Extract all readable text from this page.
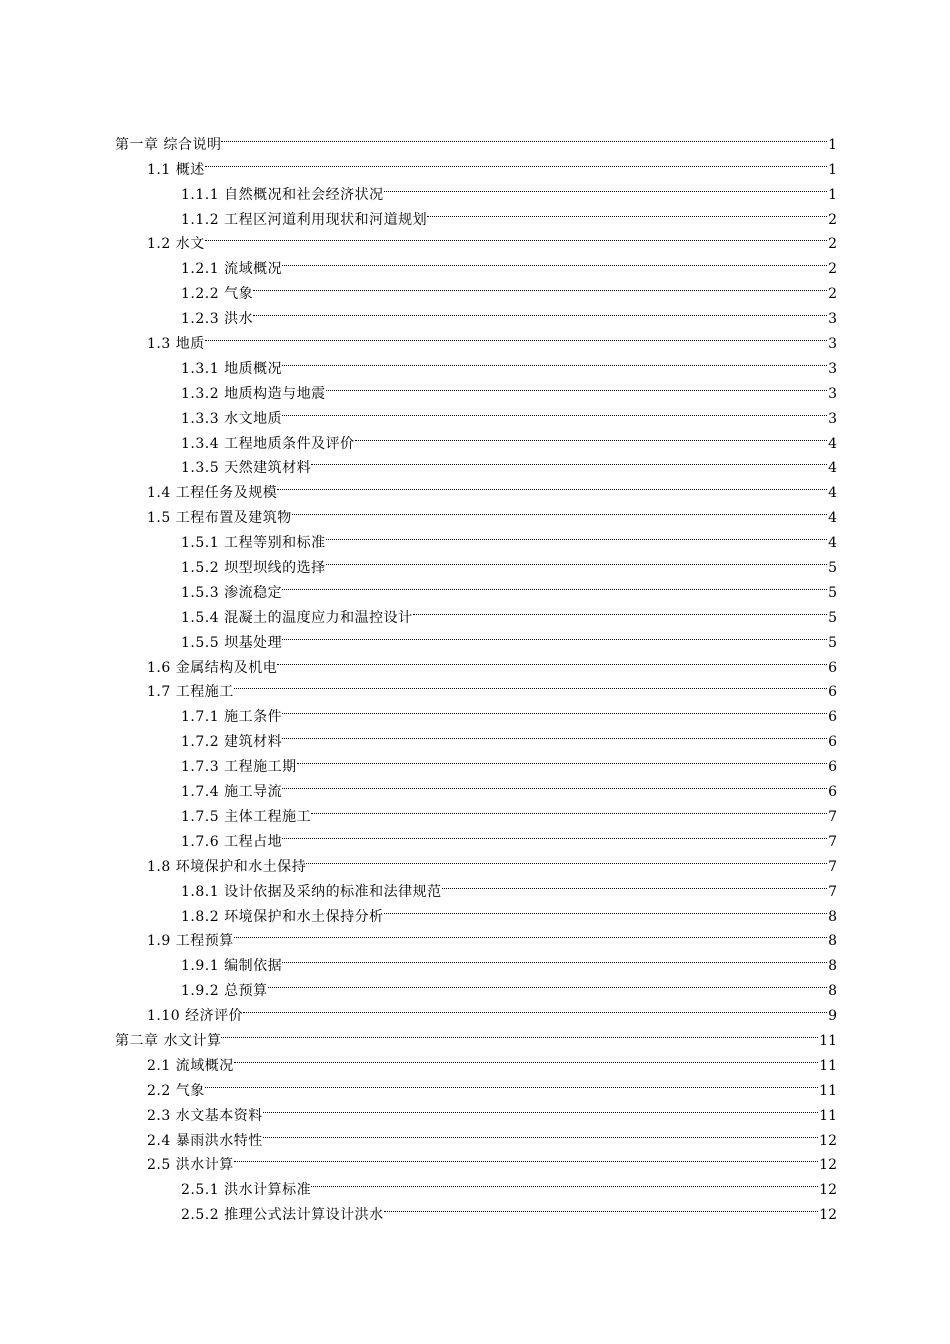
第一章 综合说明	1
1.1 概述	1
1.1.1 自然概况和社会经济状况	1
1.1.2 工程区河道利用现状和河道规划	2
1.2 水文	2
1.2.1 流域概况	2
1.2.2 气象	2
1.2.3 洪水	3
1.3 地质	3
1.3.1 地质概况	3
1.3.2 地质构造与地震	3
1.3.3 水文地质	3
1.3.4 工程地质条件及评价	4
1.3.5 天然建筑材料	4
1.4 工程任务及规模	4
1.5 工程布置及建筑物	4
1.5.1 工程等别和标准	4
1.5.2 坝型坝线的选择	5
1.5.3 渗流稳定	5
1.5.4 混凝土的温度应力和温控设计	5
1.5.5 坝基处理	5
1.6 金属结构及机电	6
1.7 工程施工	6
1.7.1 施工条件	6
1.7.2 建筑材料	6
1.7.3 工程施工期	6
1.7.4 施工导流	6
1.7.5 主体工程施工	7
1.7.6 工程占地	7
1.8 环境保护和水土保持	7
1.8.1 设计依据及采纳的标准和法律规范	7
1.8.2 环境保护和水土保持分析	8
1.9 工程预算	8
1.9.1 编制依据	8
1.9.2 总预算	8
1.10 经济评价	9
第二章 水文计算	11
2.1 流域概况	11
2.2 气象	11
2.3 水文基本资料	11
2.4 暴雨洪水特性	12
2.5 洪水计算	12
2.5.1 洪水计算标准	12
2.5.2 推理公式法计算设计洪水	12
